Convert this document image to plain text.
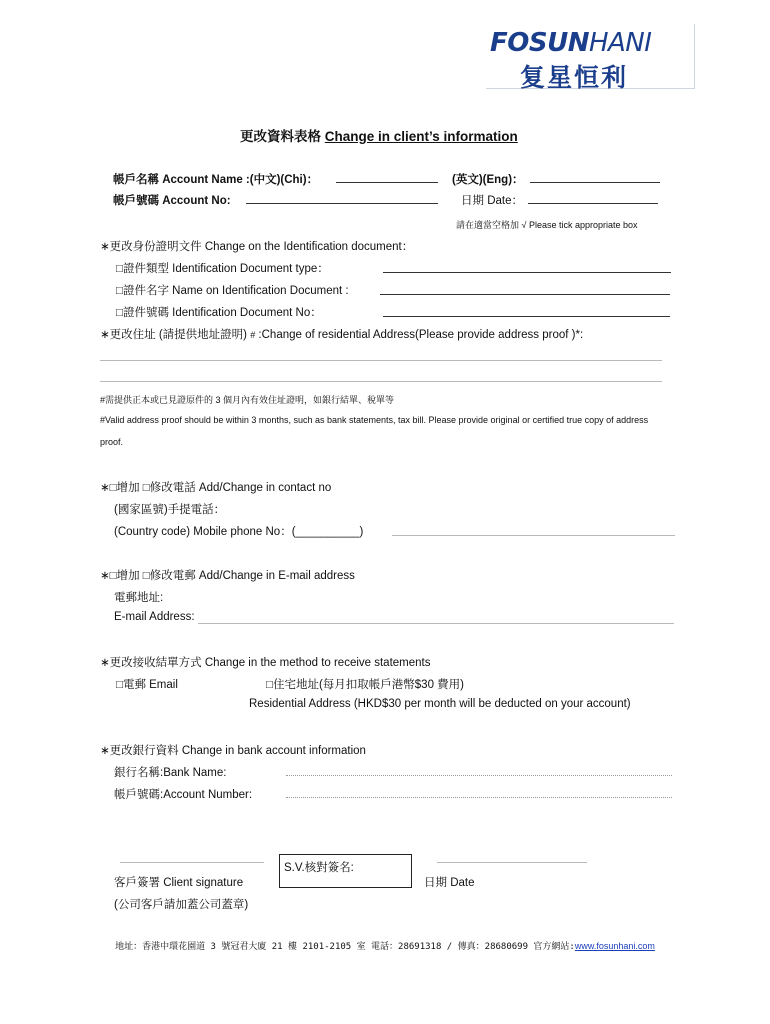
FOSUNHANI
复星恒利
更改資料表格 Change in client’s information
帳戶名稱 Account Name :(中文)(Chi)：	(英文)(Eng)：
帳戶號碼 Account No:	日期 Date：
請在適當空格加 √ Please tick appropriate box
∗更改身份證明文件 Change on the Identification document：
□證件類型 Identification Document type：
□證件名字 Name on Identification Document :
□證件號碼 Identification Document No：
∗更改住址 (請提供地址證明) # :Change of residential Address(Please provide address proof )*:
#需提供正本或已見證原件的 3 個月內有效住址證明，如銀行結單、稅單等
#Valid address proof should be within 3 months, such as bank statements, tax bill. Please provide original or certified true copy of address
proof.
∗□增加 □修改電話 Add/Change in contact no
(國家區號)手提電話：
(Country code) Mobile phone No：(__________)
∗□增加 □修改電郵 Add/Change in E-mail address
電郵地址:
E-mail Address:
∗更改接收結單方式 Change in the method to receive statements
□電郵 Email	□住宅地址(每月扣取帳戶港幣$30 費用)
Residential Address (HKD$30 per month will be deducted on your account)
∗更改銀行資料 Change in bank account information
銀行名稱:Bank Name:
帳戶號碼:Account Number:
S.V.核對簽名:
客戶簽署 Client signature	日期 Date
(公司客戶請加蓋公司蓋章)
地址：香港中環花園道 3 號冠君大廈 21 樓 2101-2105 室 電話：28691318 / 傳真：28680699 官方網站:www.fosunhani.com
